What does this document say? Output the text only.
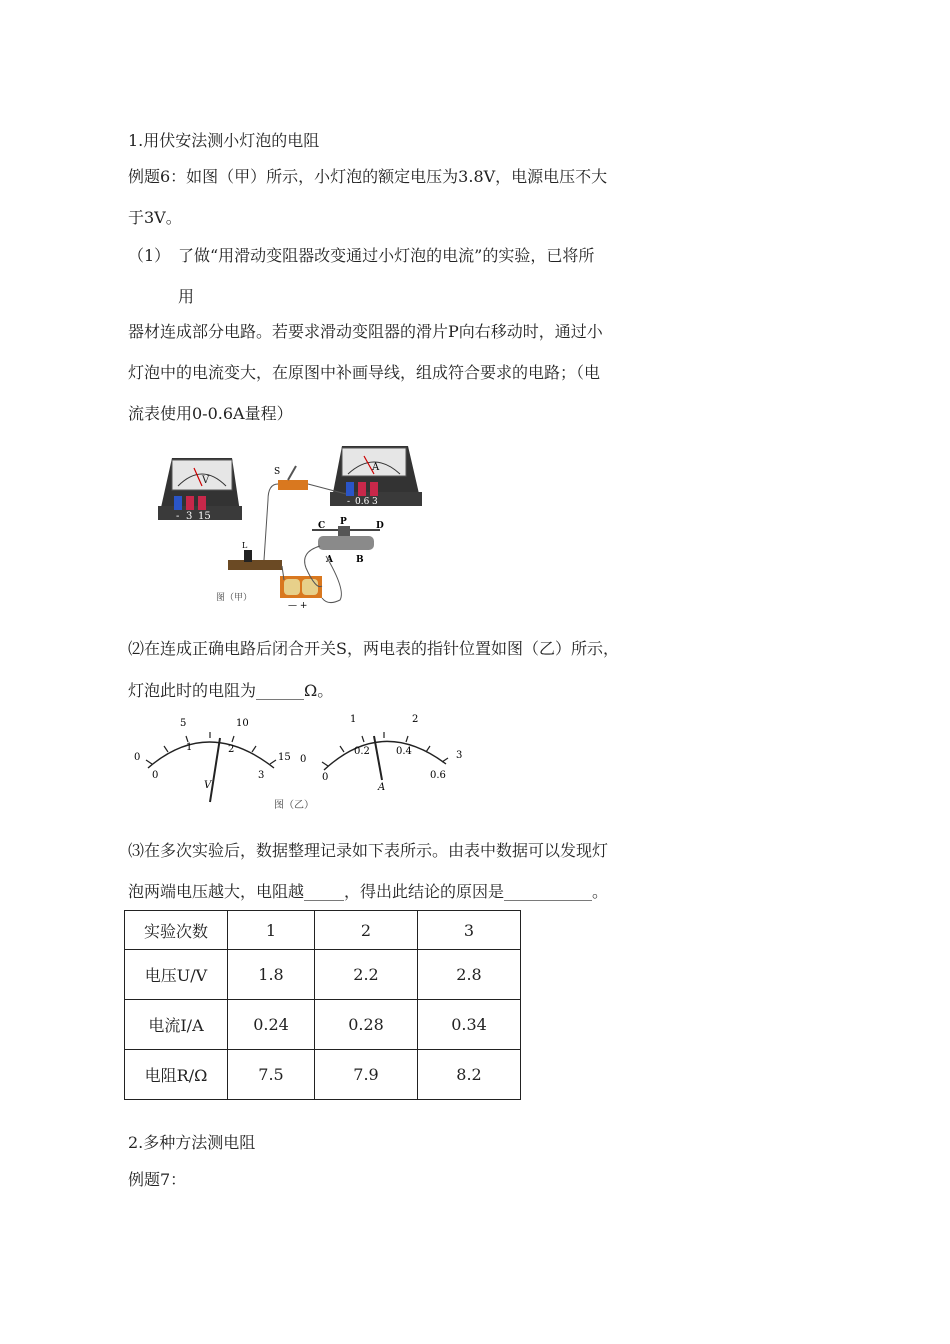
1.用伏安法测小灯泡的电阻
例题6：如图（甲）所示，小灯泡的额定电压为3.8V，电源电压不大
于3V。
（1） 了做“用滑动变阻器改变通过小灯泡的电流”的实验，已将所
用
器材连成部分电路。若要求滑动变阻器的滑片P向右移动时，通过小
灯泡中的电流变大，在原图中补画导线，组成符合要求的电路；（电
流表使用0-0.6A量程）
V
- 3 15
S	A
- 0.6 3
C P	D
A	B
L
— +
图（甲）
⑵在连成正确电路后闭合开关S，两电表的指针位置如图（乙）所示，
灯泡此时的电阻为______Ω。
0
5	10
15
0
1	2
3
V
0
1	2
3
0
0.2	0.4
0.6
A
图（乙）
⑶在多次实验后，数据整理记录如下表所示。由表中数据可以发现灯
泡两端电压越大，电阻越_____，得出此结论的原因是___________。
实验次数	1	2	3
电压U/V	1.8	2.2	2.8
电流I/A	0.24	0.28	0.34
电阻R/Ω	7.5	7.9	8.2
2.多种方法测电阻
例题7：
